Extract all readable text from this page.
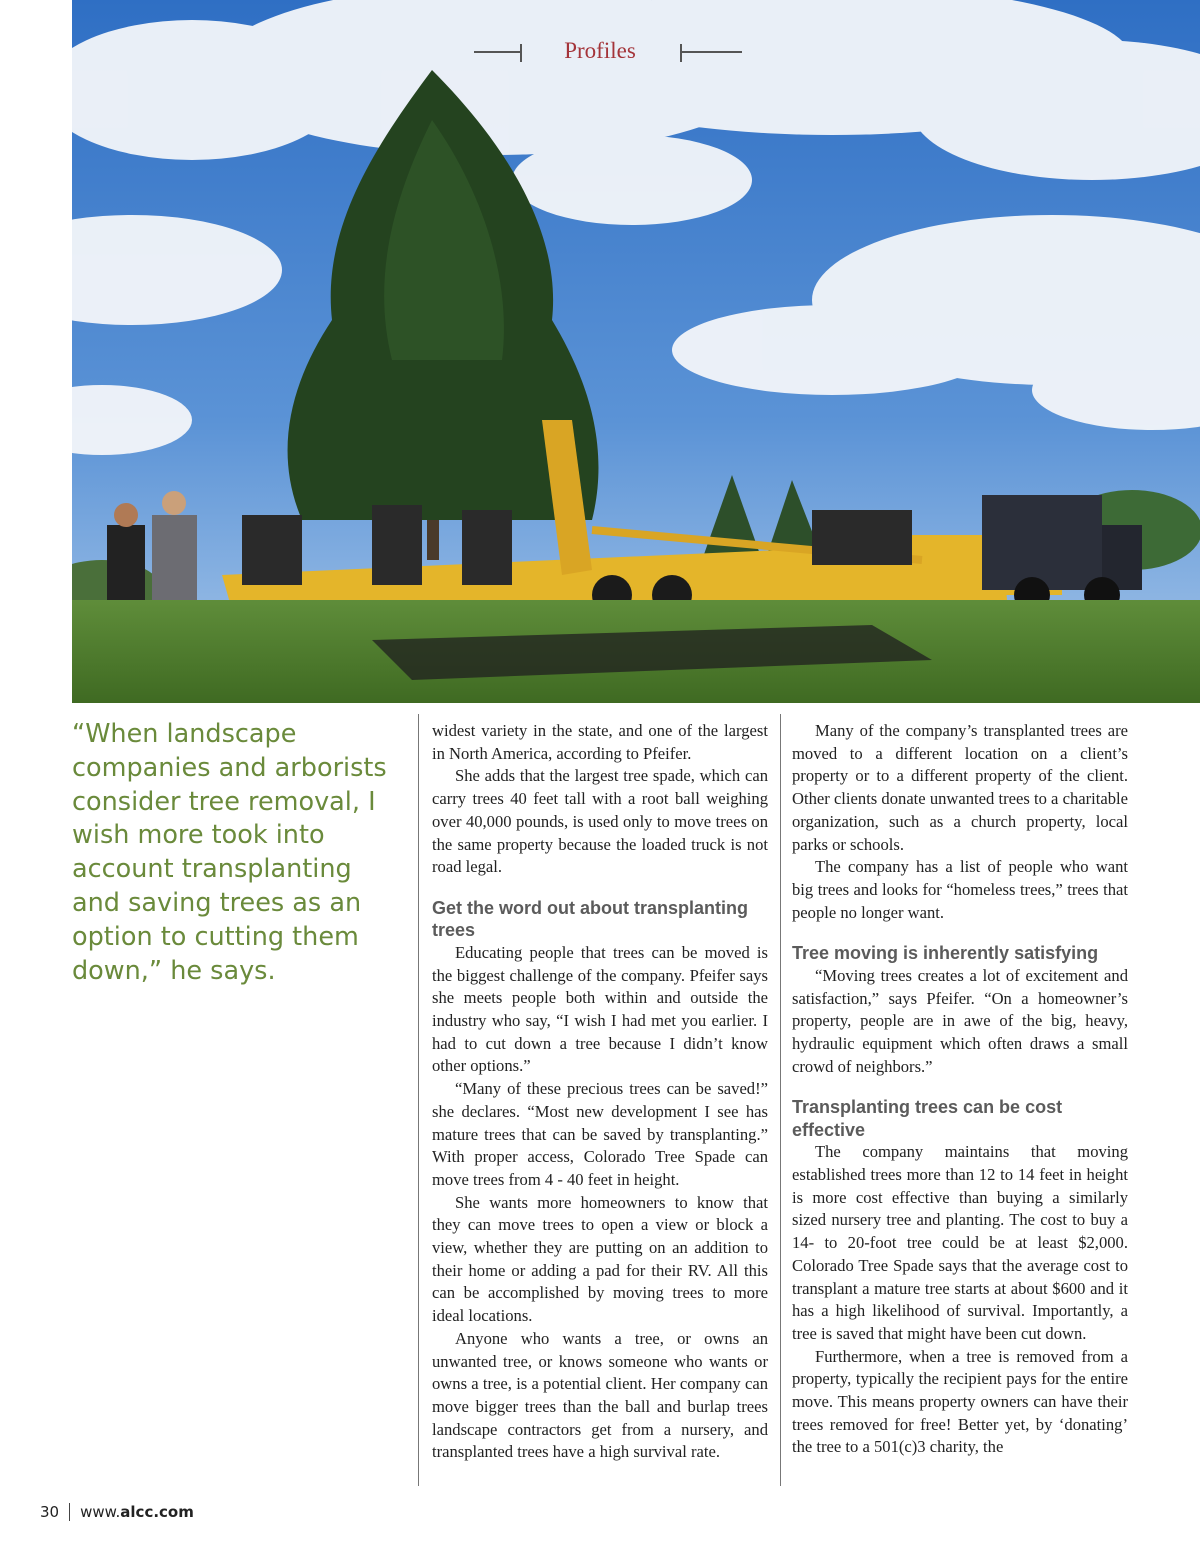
Profiles

“When landscape companies and arborists consider tree removal, I wish more took into account transplanting and saving trees as an option to cutting them down,” he says.

widest variety in the state, and one of the largest in North America, according to Pfeifer.

She adds that the largest tree spade, which can carry trees 40 feet tall with a root ball weighing over 40,000 pounds, is used only to move trees on the same property because the loaded truck is not road legal.

Get the word out about transplanting trees

Educating people that trees can be moved is the biggest challenge of the company. Pfeifer says she meets people both within and outside the industry who say, “I wish I had met you earlier. I had to cut down a tree because I didn’t know other options.”

“Many of these precious trees can be saved!” she declares. “Most new development I see has mature trees that can be saved by transplanting.” With proper access, Colorado Tree Spade can move trees from 4 - 40 feet in height.

She wants more homeowners to know that they can move trees to open a view or block a view, whether they are putting on an addition to their home or adding a pad for their RV. All this can be accomplished by moving trees to more ideal locations.

Anyone who wants a tree, or owns an unwanted tree, or knows someone who wants or owns a tree, is a potential client. Her company can move bigger trees than the ball and burlap trees landscape contractors get from a nursery, and transplanted trees have a high survival rate.

Many of the company’s transplanted trees are moved to a different location on a client’s property or to a different property of the client. Other clients donate unwanted trees to a charitable organization, such as a church property, local parks or schools.

The company has a list of people who want big trees and looks for “homeless trees,” trees that people no longer want.

Tree moving is inherently satisfying

“Moving trees creates a lot of excitement and satisfaction,” says Pfeifer. “On a homeowner’s property, people are in awe of the big, heavy, hydraulic equipment which often draws a small crowd of neighbors.”

Transplanting trees can be cost effective

The company maintains that moving established trees more than 12 to 14 feet in height is more cost effective than buying a similarly sized nursery tree and planting. The cost to buy a 14- to 20-foot tree could be at least $2,000. Colorado Tree Spade says that the average cost to transplant a mature tree starts at about $600 and it has a high likelihood of survival. Importantly, a tree is saved that might have been cut down.

Furthermore, when a tree is removed from a property, typically the recipient pays for the entire move. This means property owners can have their trees removed for free! Better yet, by ‘donating’ the tree to a 501(c)3 charity, the

30 www.alcc.com
